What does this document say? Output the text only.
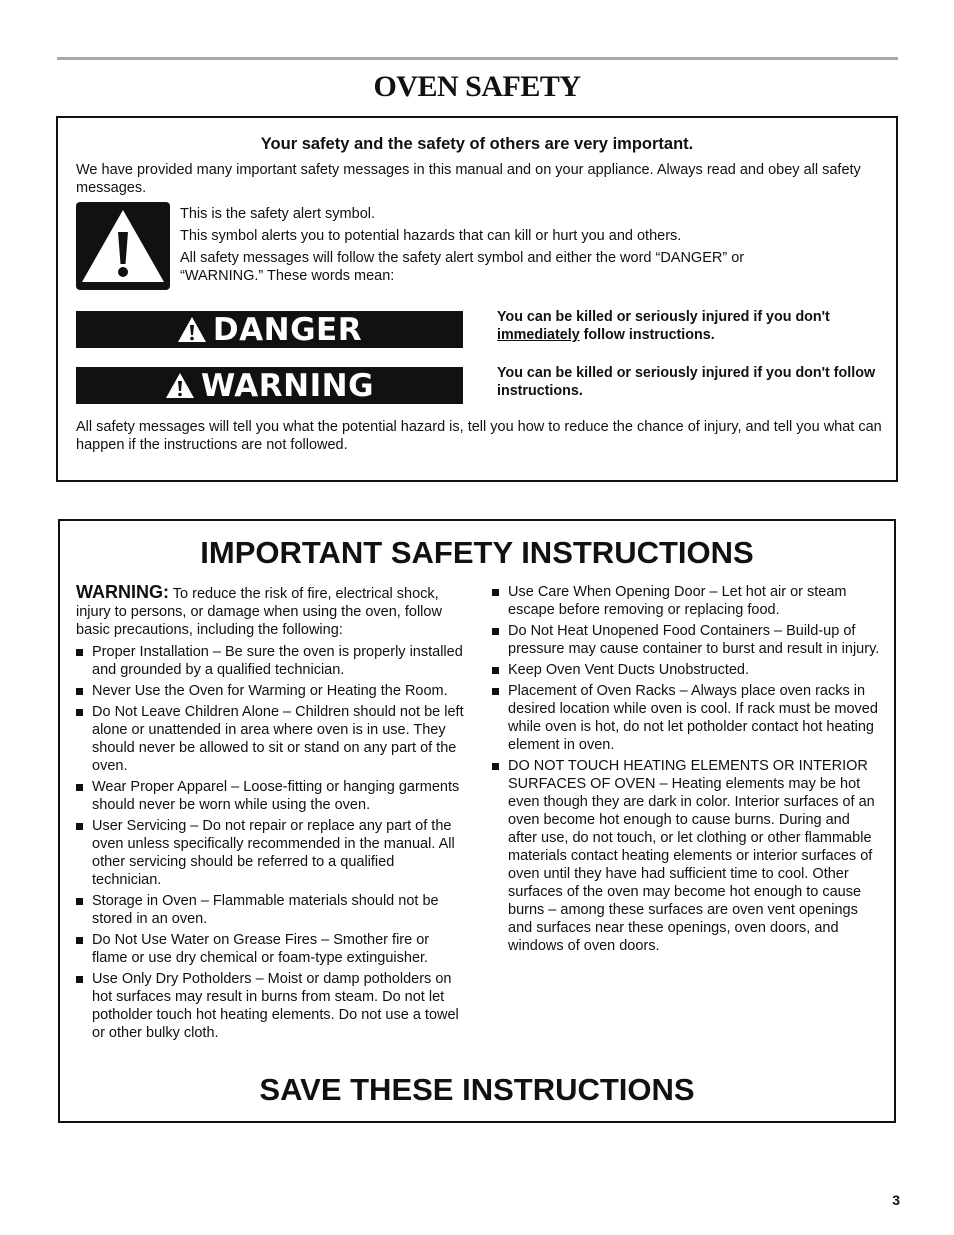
OVEN SAFETY
Your safety and the safety of others are very important.

We have provided many important safety messages in this manual and on your appliance. Always read and obey all safety messages.

This is the safety alert symbol.

This symbol alerts you to potential hazards that can kill or hurt you and others.

All safety messages will follow the safety alert symbol and either the word “DANGER” or “WARNING.” These words mean:

DANGER	You can be killed or seriously injured if you don't immediately follow instructions.

WARNING	You can be killed or seriously injured if you don't follow instructions.

All safety messages will tell you what the potential hazard is, tell you how to reduce the chance of injury, and tell you what can happen if the instructions are not followed.

IMPORTANT SAFETY INSTRUCTIONS

WARNING: To reduce the risk of fire, electrical shock, injury to persons, or damage when using the oven, follow basic precautions, including the following:

Proper Installation – Be sure the oven is properly installed and grounded by a qualified technician.
Never Use the Oven for Warming or Heating the Room.
Do Not Leave Children Alone – Children should not be left alone or unattended in area where oven is in use. They should never be allowed to sit or stand on any part of the oven.
Wear Proper Apparel – Loose-fitting or hanging garments should never be worn while using the oven.
User Servicing – Do not repair or replace any part of the oven unless specifically recommended in the manual. All other servicing should be referred to a qualified technician.
Storage in Oven – Flammable materials should not be stored in an oven.
Do Not Use Water on Grease Fires – Smother fire or flame or use dry chemical or foam-type extinguisher.
Use Only Dry Potholders – Moist or damp potholders on hot surfaces may result in burns from steam. Do not let potholder touch hot heating elements. Do not use a towel or other bulky cloth.
Use Care When Opening Door – Let hot air or steam escape before removing or replacing food.
Do Not Heat Unopened Food Containers – Build-up of pressure may cause container to burst and result in injury.
Keep Oven Vent Ducts Unobstructed.
Placement of Oven Racks – Always place oven racks in desired location while oven is cool. If rack must be moved while oven is hot, do not let potholder contact hot heating element in oven.
DO NOT TOUCH HEATING ELEMENTS OR INTERIOR SURFACES OF OVEN – Heating elements may be hot even though they are dark in color. Interior surfaces of an oven become hot enough to cause burns. During and after use, do not touch, or let clothing or other flammable materials contact heating elements or interior surfaces of oven until they have had sufficient time to cool. Other surfaces of the oven may become hot enough to cause burns – among these surfaces are oven vent openings and surfaces near these openings, oven doors, and windows of oven doors.
SAVE THESE INSTRUCTIONS
3
